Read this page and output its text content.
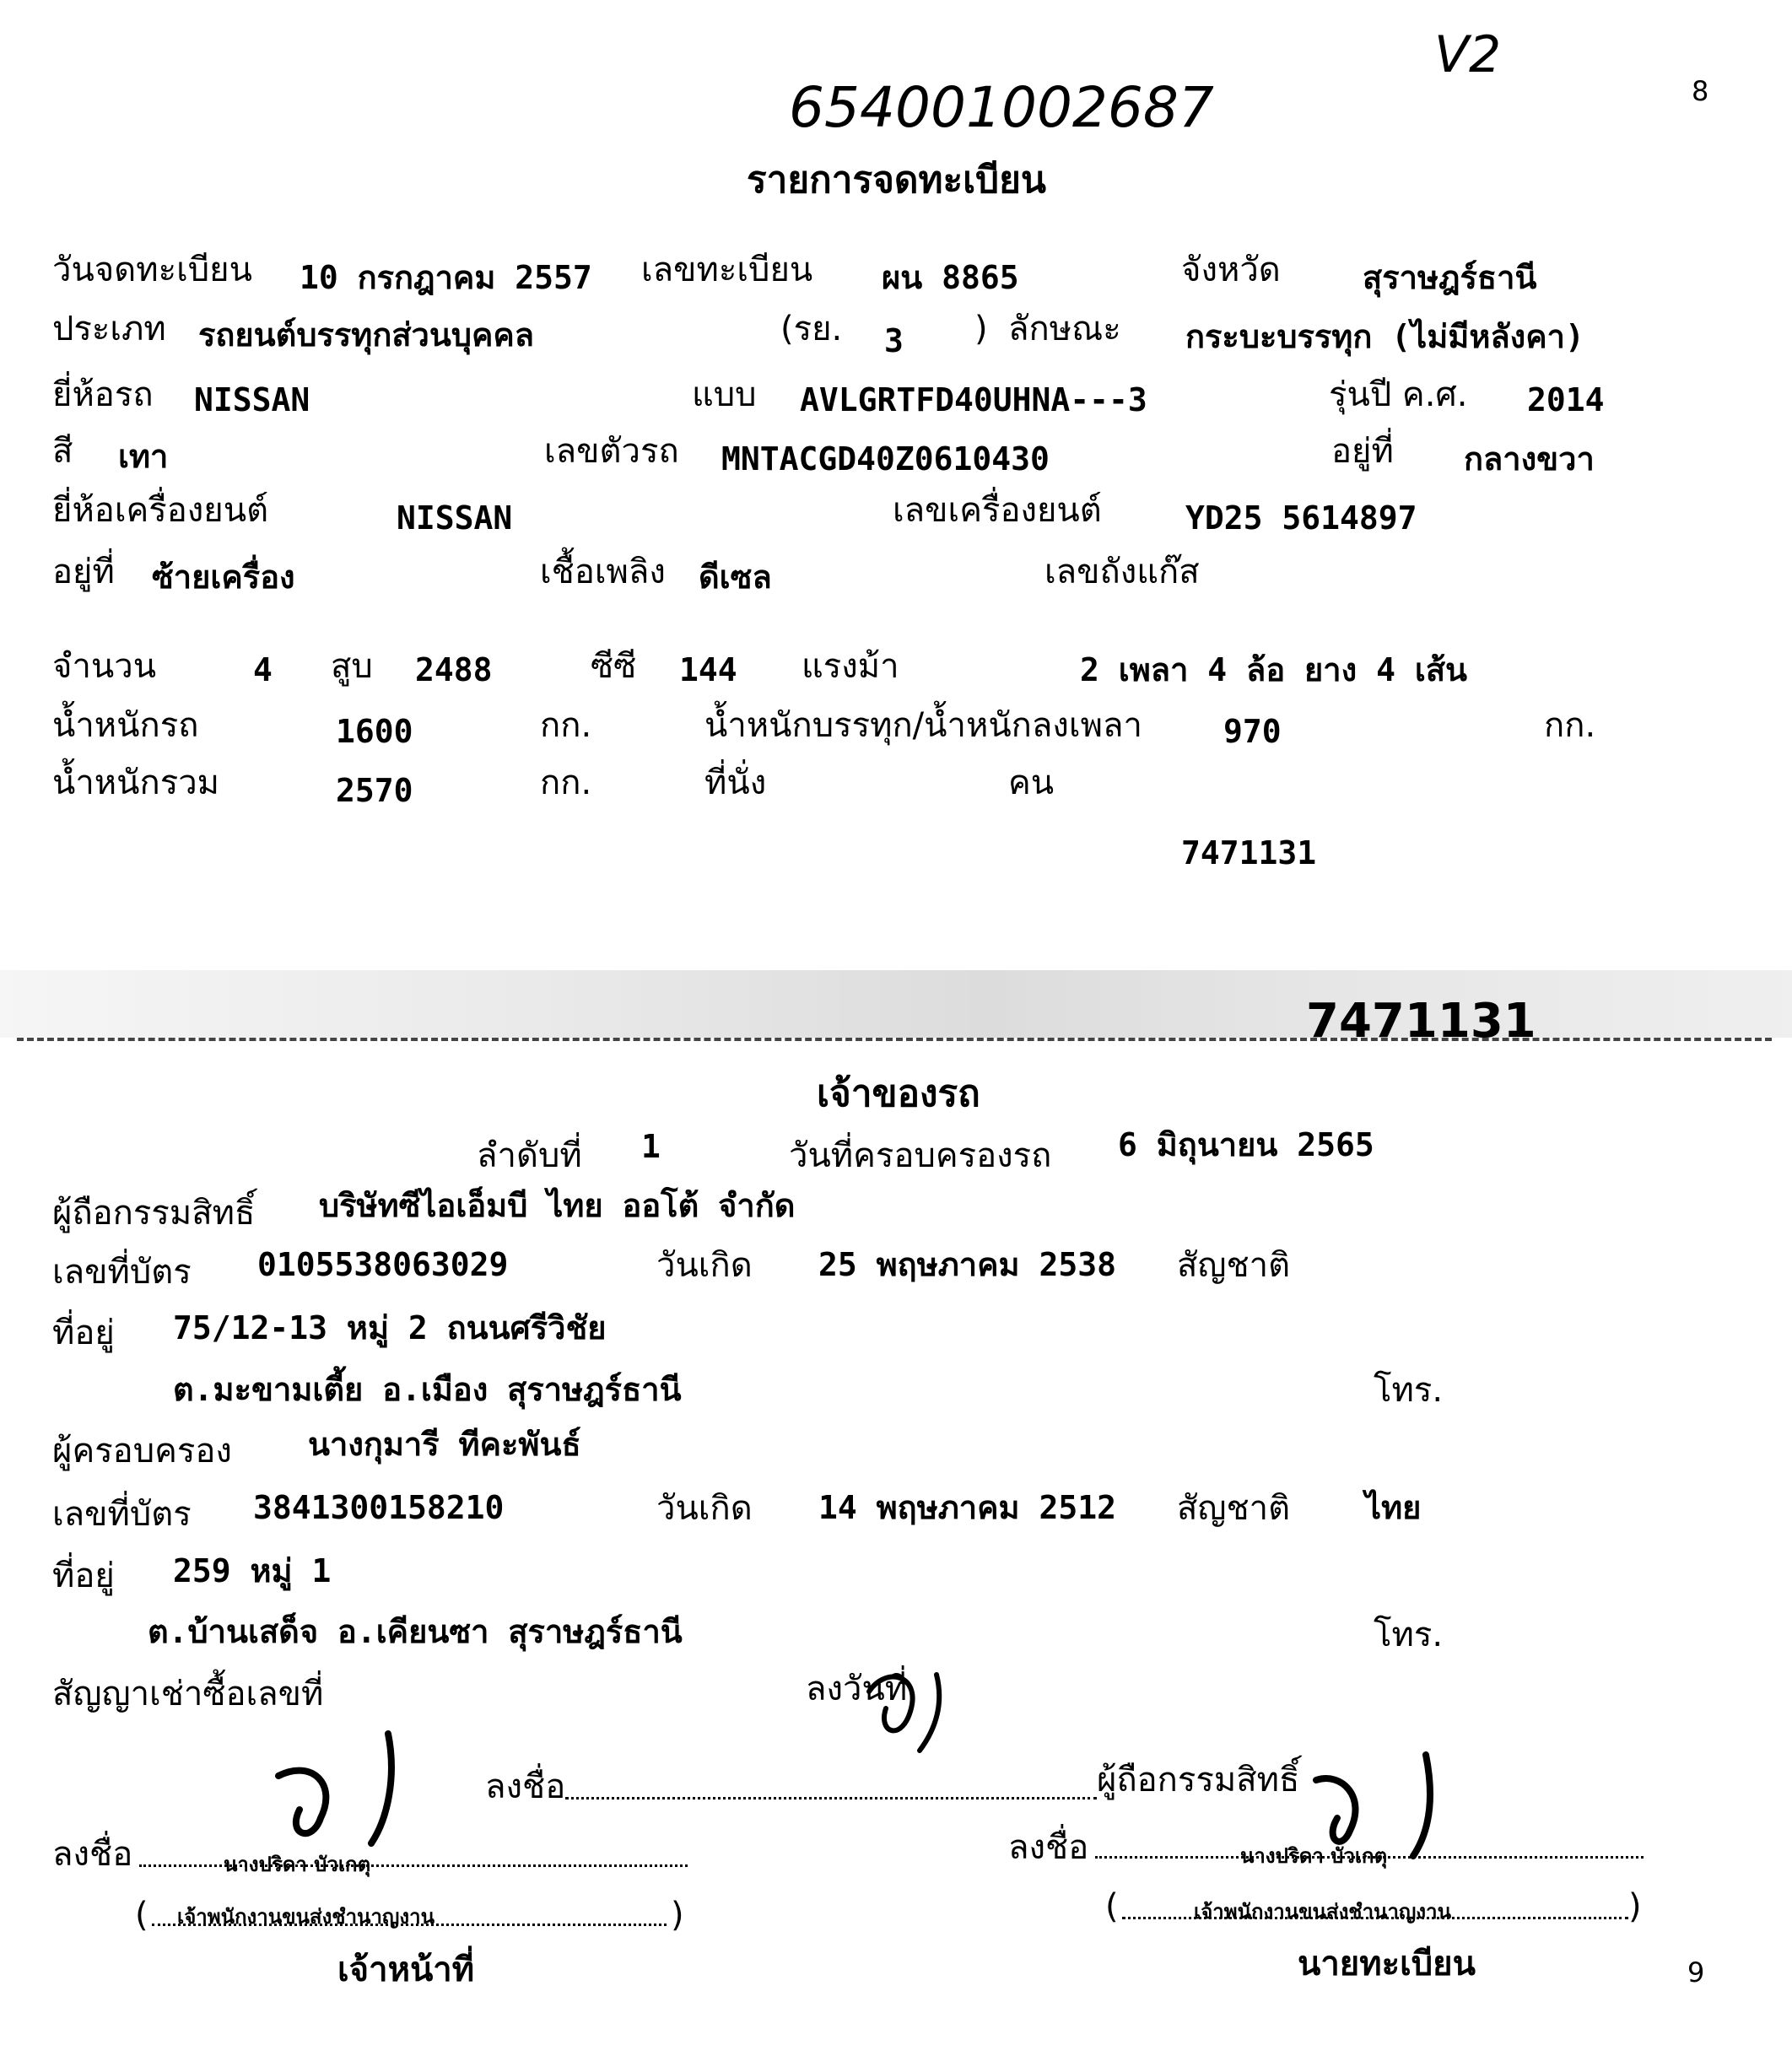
654001002687
V2
8
รายการจดทะเบียน
วันจดทะเบียน 10 กรกฎาคม 2557 เลขทะเบียน ผน 8865	จังหวัด	สุราษฎร์ธานี
ประเภท รถยนต์บรรทุกส่วนบุคคล	(รย. 3 ) ลักษณะ กระบะบรรทุก (ไม่มีหลังคา)
ยี่ห้อรถ NISSAN	แบบ AVLGRTFD40UHNA---3	รุ่นปี ค.ศ. 2014
สี เทา	เลขตัวรถ MNTACGD40Z0610430	อยู่ที่ กลางขวา
ยี่ห้อเครื่องยนต์	NISSAN	เลขเครื่องยนต์	YD25 5614897
อยู่ที่ ซ้ายเครื่อง	เชื้อเพลิง ดีเซล	เลขถังแก๊ส
จำนวน	4 สูบ 2488	ซีซี 144 แรงม้า	2 เพลา 4 ล้อ ยาง 4 เส้น
น้ำหนักรถ	1600	กก.	น้ำหนักบรรทุก/น้ำหนักลงเพลา	970	กก.
น้ำหนักรวม	2570	กก.	ที่นั่ง	คน
7471131
7471131
เจ้าของรถ
ลำดับที่ 1	วันที่ครอบครองรถ 6 มิถุนายน 2565
ผู้ถือกรรมสิทธิ์ บริษัทซีไอเอ็มบี ไทย ออโต้ จำกัด
เลขที่บัตร 0105538063029	วันเกิด 25 พฤษภาคม 2538 สัญชาติ
ที่อยู่ 75/12-13 หมู่ 2 ถนนศรีวิชัย
ต.มะขามเตี้ย อ.เมือง สุราษฎร์ธานี	โทร.
ผู้ครอบครอง นางกุมารี ทีคะพันธ์
เลขที่บัตร 3841300158210	วันเกิด 14 พฤษภาคม 2512 สัญชาติ ไทย
ที่อยู่ 259 หมู่ 1
ต.บ้านเสด็จ อ.เคียนซา สุราษฎร์ธานี	โทร.
สัญญาเช่าซื้อเลขที่	ลงวันที่
ลงชื่อ	ผู้ถือกรรมสิทธิ์
ลงชื่อ	นางปริดา บัวเกตุ
( เจ้าพนักงานขนส่งชำนาญงาน	)
เจ้าหน้าที่
ลงชื่อ	นางปริดา บัวเกตุ
(	เจ้าพนักงานขนส่งชำนาญงาน	)
นายทะเบียน	9
